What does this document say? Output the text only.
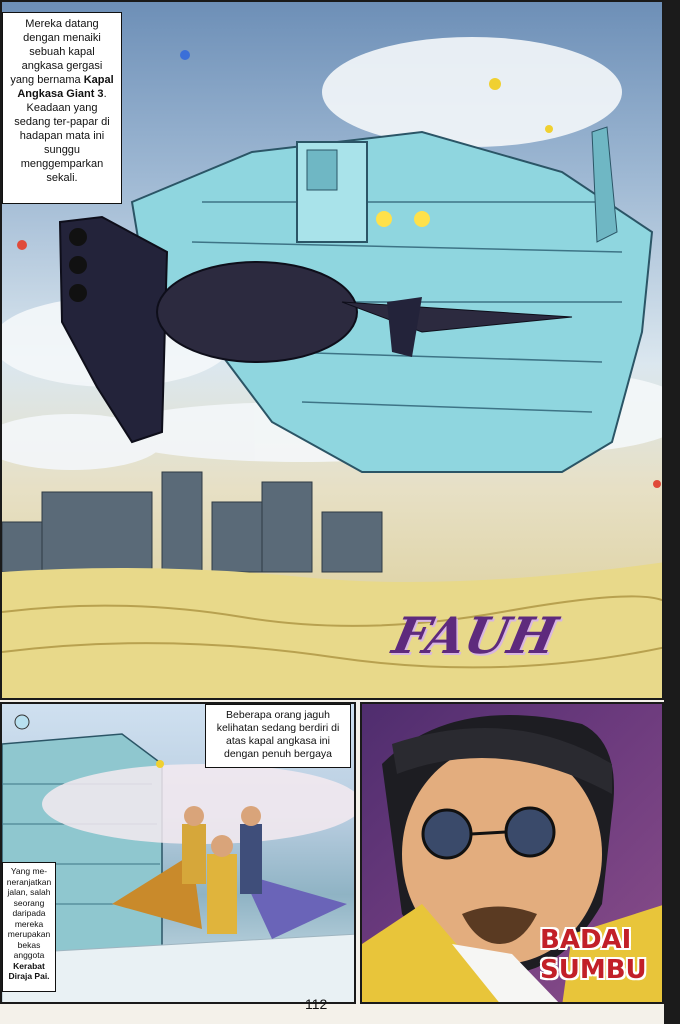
Mereka datang dengan menaiki sebuah kapal angkasa gergasi yang bernama Kapal Angkasa Giant 3. Keadaan yang sedang ter-papar di hadapan mata ini sunggu menggemparkan sekali.
FAUH
Yang me-neranjatkan jalan, salah seorang daripada mereka merupakan bekas anggota Kerabat Diraja Pai.
Beberapa orang jaguh kelihatan sedang berdiri di atas kapal angkasa ini dengan penuh bergaya
BADAI
SUMBU
112
